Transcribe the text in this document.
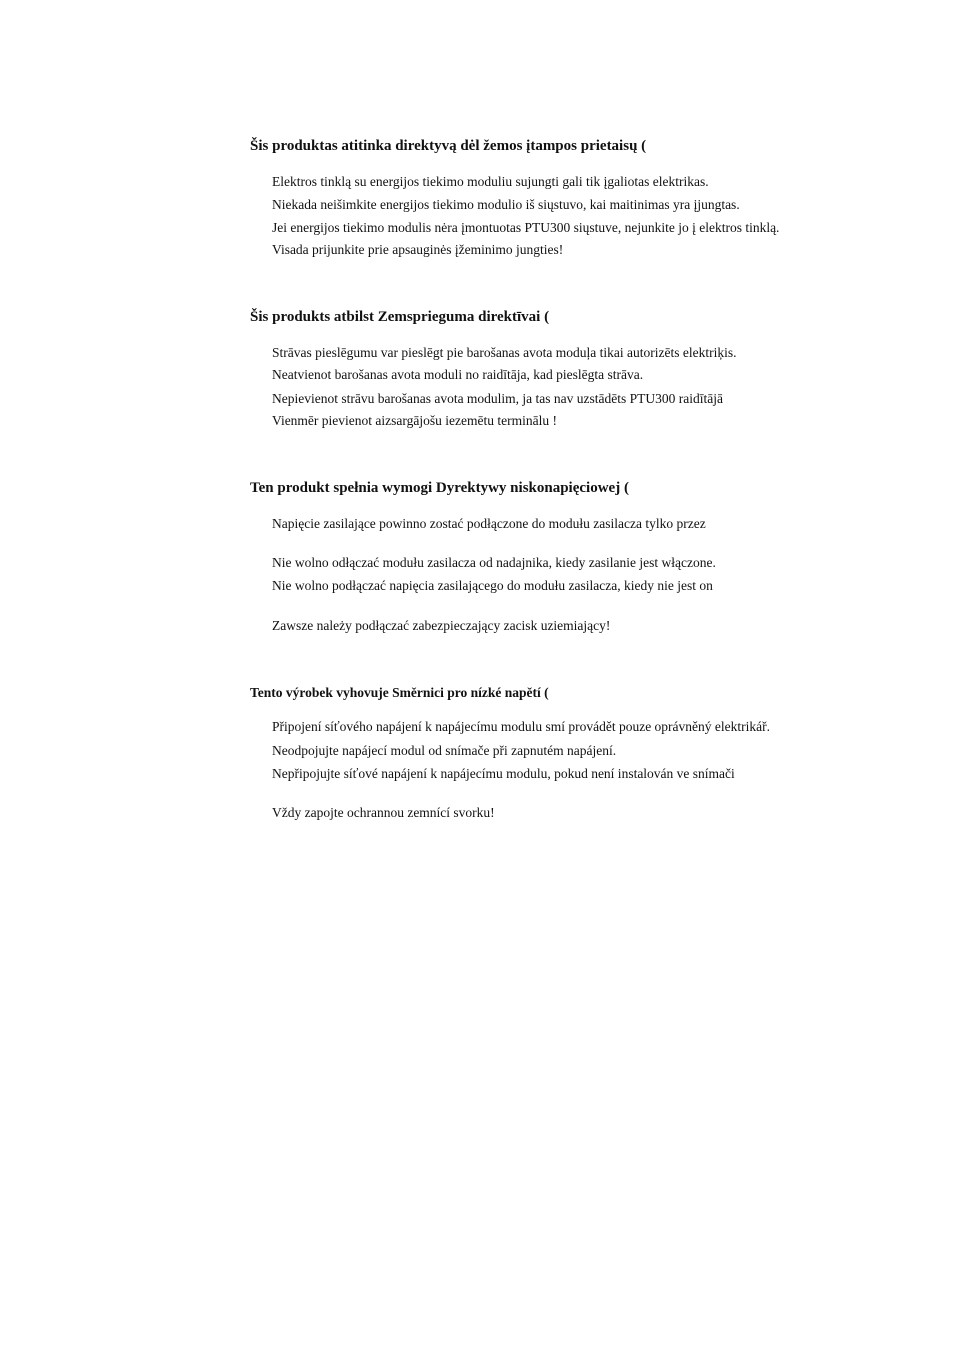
Šis produktas atitinka direktyvą dėl žemos įtampos prietaisų (
Elektros tinklą su energijos tiekimo moduliu sujungti gali tik įgaliotas elektrikas.
Niekada neišimkite energijos tiekimo modulio iš siųstuvo, kai maitinimas yra įjungtas.
Jei energijos tiekimo modulis nėra įmontuotas PTU300 siųstuve, nejunkite jo į elektros tinklą.
Visada prijunkite prie apsauginės įžeminimo jungties!
Šis produkts atbilst Zemsprieguma direktīvai (
Strāvas pieslēgumu var pieslēgt pie barošanas avota moduļa tikai autorizēts elektriķis.
Neatvienot barošanas avota moduli no raidītāja, kad pieslēgta strāva.
Nepievienot strāvu barošanas avota modulim, ja tas nav uzstādēts PTU300 raidītājā
Vienmēr pievienot aizsargājošu iezemētu terminālu !
Ten produkt spełnia wymogi Dyrektywy niskonapięciowej (
Napięcie zasilające powinno zostać podłączone do modułu zasilacza tylko przez
Nie wolno odłączać modułu zasilacza od nadajnika, kiedy zasilanie jest włączone.
Nie wolno podłączać napięcia zasilającego do modułu zasilacza, kiedy nie jest on
Zawsze należy podłączać zabezpieczający zacisk uziemiający!
Tento výrobek vyhovuje Směrnici pro nízké napětí (
Připojení síťového napájení k napájecímu modulu smí provádět pouze oprávněný elektrikář.
Neodpojujte napájecí modul od snímače při zapnutém napájení.
Nepřipojujte síťové napájení k napájecímu modulu, pokud není instalován ve snímači
Vždy zapojte ochrannou zemnící svorku!
